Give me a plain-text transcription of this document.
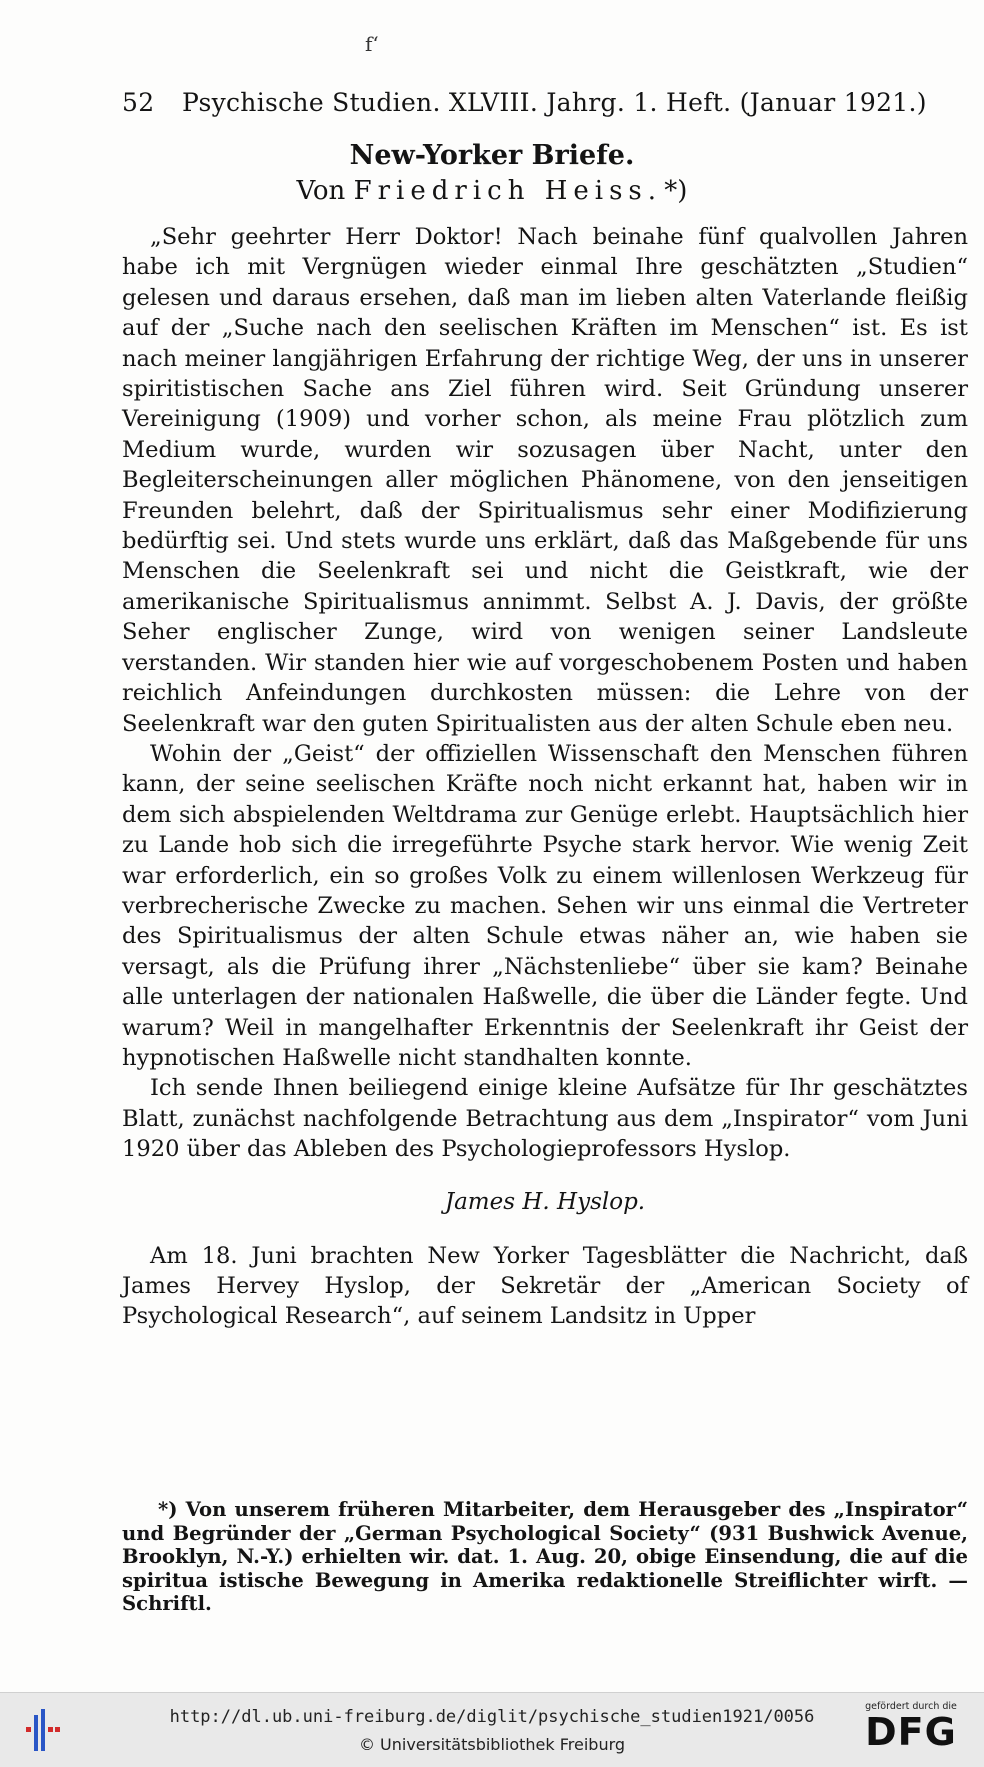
f‘
52 Psychische Studien. XLVIII. Jahrg. 1. Heft. (Januar 1921.)
New-Yorker Briefe.
Von Friedrich Heiss. *)

„Sehr geehrter Herr Doktor! Nach beinahe fünf qualvollen Jahren habe ich mit Vergnügen wieder einmal Ihre geschätzten „Studien“ gelesen und daraus ersehen, daß man im lieben alten Vaterlande fleißig auf der „Suche nach den seelischen Kräften im Menschen“ ist. Es ist nach meiner langjährigen Erfahrung der richtige Weg, der uns in unserer spiritistischen Sache ans Ziel führen wird. Seit Gründung unserer Vereinigung (1909) und vorher schon, als meine Frau plötzlich zum Medium wurde, wurden wir sozusagen über Nacht, unter den Begleiterscheinungen aller möglichen Phänomene, von den jenseitigen Freunden belehrt, daß der Spiritualismus sehr einer Modifizierung bedürftig sei. Und stets wurde uns erklärt, daß das Maßgebende für uns Menschen die Seelenkraft sei und nicht die Geistkraft, wie der amerikanische Spiritualismus annimmt. Selbst A. J. Davis, der größte Seher englischer Zunge, wird von wenigen seiner Landsleute verstanden. Wir standen hier wie auf vorgeschobenem Posten und haben reichlich Anfeindungen durchkosten müssen: die Lehre von der Seelenkraft war den guten Spiritualisten aus der alten Schule eben neu.

Wohin der „Geist“ der offiziellen Wissenschaft den Menschen führen kann, der seine seelischen Kräfte noch nicht erkannt hat, haben wir in dem sich abspielenden Weltdrama zur Genüge erlebt. Hauptsächlich hier zu Lande hob sich die irregeführte Psyche stark hervor. Wie wenig Zeit war erforderlich, ein so großes Volk zu einem willenlosen Werkzeug für verbrecherische Zwecke zu machen. Sehen wir uns einmal die Vertreter des Spiritualismus der alten Schule etwas näher an, wie haben sie versagt, als die Prüfung ihrer „Nächstenliebe“ über sie kam? Beinahe alle unterlagen der nationalen Haßwelle, die über die Länder fegte. Und warum? Weil in mangelhafter Erkenntnis der Seelenkraft ihr Geist der hypnotischen Haßwelle nicht standhalten konnte.

Ich sende Ihnen beiliegend einige kleine Aufsätze für Ihr geschätztes Blatt, zunächst nachfolgende Betrachtung aus dem „Inspirator“ vom Juni 1920 über das Ableben des Psychologieprofessors Hyslop.

James H. Hyslop.

Am 18. Juni brachten New Yorker Tagesblätter die Nachricht, daß James Hervey Hyslop, der Sekretär der „American Society of Psychological Research“, auf seinem Landsitz in Upper

*) Von unserem früheren Mitarbeiter, dem Herausgeber des „Inspirator“ und Begründer der „German Psychological Society“ (931 Bushwick Avenue, Brooklyn, N.-Y.) erhielten wir. dat. 1. Aug. 20, obige Einsendung, die auf die spiritua istische Bewegung in Amerika redaktionelle Streiflichter wirft. — Schriftl.

http://dl.ub.uni-freiburg.de/diglit/psychische_studien1921/0056
© Universitätsbibliothek Freiburg
gefördert durch die
DFG
